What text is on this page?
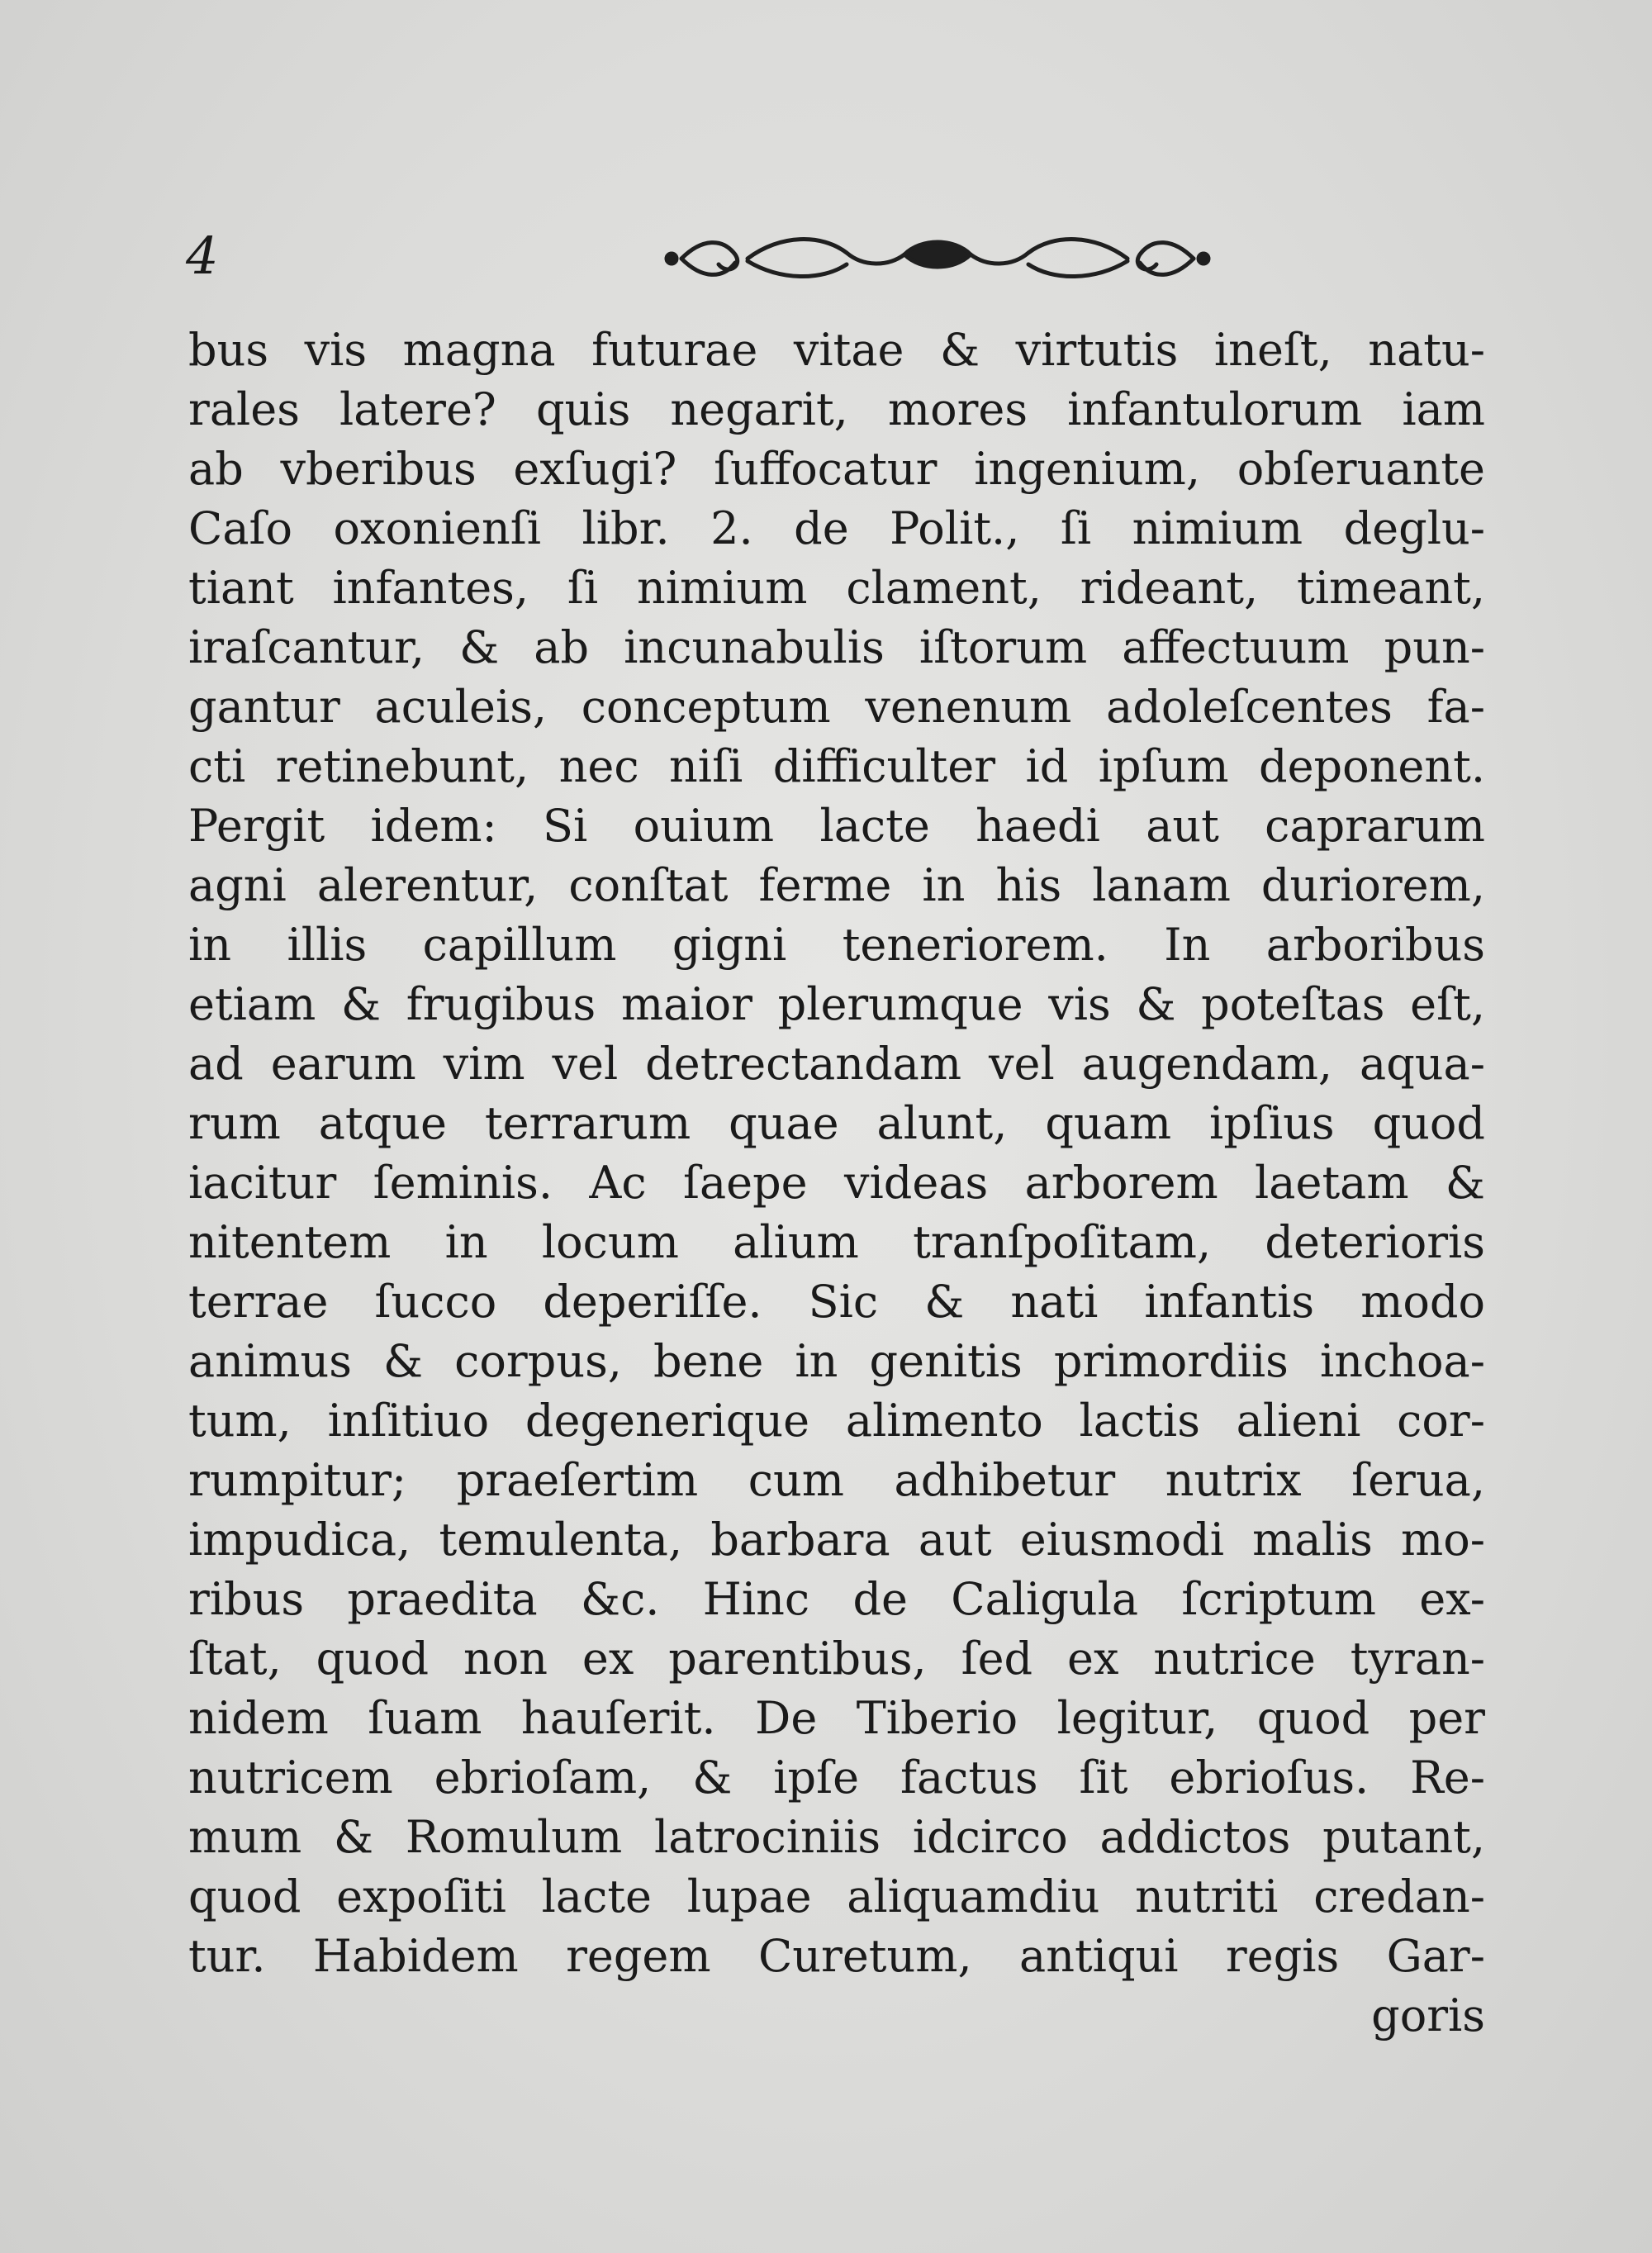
4
bus vis magna futurae vitae & virtutis ineſt, natu-
rales latere? quis negarit, mores infantulorum iam
ab vberibus exſugi? ſuffocatur ingenium, obſeruante
Caſo oxonienſi libr. 2. de Polit., ſi nimium deglu-
tiant infantes, ſi nimium clament, rideant, timeant,
iraſcantur, & ab incunabulis iſtorum affectuum pun-
gantur aculeis, conceptum venenum adoleſcentes fa-
cti retinebunt, nec niſi difficulter id ipſum deponent.
Pergit idem: Si ouium lacte haedi aut caprarum
agni alerentur, conſtat ferme in his lanam duriorem,
in illis capillum gigni teneriorem. In arboribus
etiam & frugibus maior plerumque vis & poteſtas eſt,
ad earum vim vel detrectandam vel augendam, aqua-
rum atque terrarum quae alunt, quam ipſius quod
iacitur ſeminis. Ac ſaepe videas arborem laetam &
nitentem in locum alium tranſpoſitam, deterioris
terrae ſucco deperiſſe. Sic & nati infantis modo
animus & corpus, bene in genitis primordiis inchoa-
tum, inſitiuo degenerique alimento lactis alieni cor-
rumpitur; praeſertim cum adhibetur nutrix ſerua,
impudica, temulenta, barbara aut eiusmodi malis mo-
ribus praedita &c. Hinc de Caligula ſcriptum ex-
ſtat, quod non ex parentibus, ſed ex nutrice tyran-
nidem ſuam hauſerit. De Tiberio legitur, quod per
nutricem ebrioſam, & ipſe factus ſit ebrioſus. Re-
mum & Romulum latrociniis idcirco addictos putant,
quod expoſiti lacte lupae aliquamdiu nutriti credan-
tur. Habidem regem Curetum, antiqui regis Gar-
goris
